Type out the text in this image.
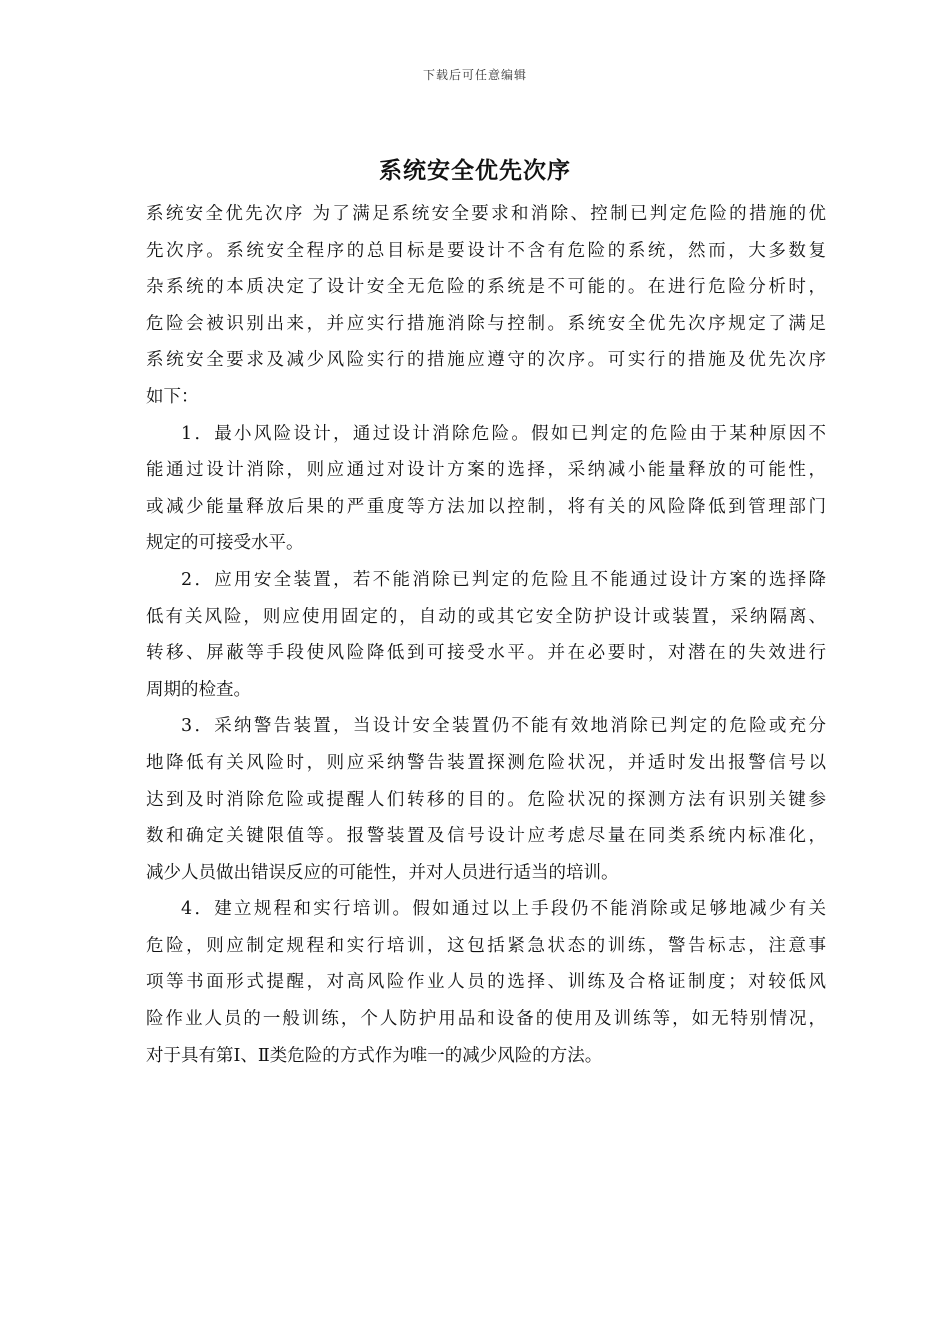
下载后可任意编辑
系统安全优先次序
系统安全优先次序 为了满足系统安全要求和消除、控制已判定危险的措施的优
先次序。系统安全程序的总目标是要设计不含有危险的系统，然而，大多数复
杂系统的本质决定了设计安全无危险的系统是不可能的。在进行危险分析时，
危险会被识别出来，并应实行措施消除与控制。系统安全优先次序规定了满足
系统安全要求及减少风险实行的措施应遵守的次序。可实行的措施及优先次序
如下：
1．最小风险设计，通过设计消除危险。假如已判定的危险由于某种原因不
能通过设计消除，则应通过对设计方案的选择，采纳减小能量释放的可能性，
或减少能量释放后果的严重度等方法加以控制，将有关的风险降低到管理部门
规定的可接受水平。
2．应用安全装置，若不能消除已判定的危险且不能通过设计方案的选择降
低有关风险，则应使用固定的，自动的或其它安全防护设计或装置，采纳隔离、
转移、屏蔽等手段使风险降低到可接受水平。并在必要时，对潜在的失效进行
周期的检查。
3．采纳警告装置，当设计安全装置仍不能有效地消除已判定的危险或充分
地降低有关风险时，则应采纳警告装置探测危险状况，并适时发出报警信号以
达到及时消除危险或提醒人们转移的目的。危险状况的探测方法有识别关键参
数和确定关键限值等。报警装置及信号设计应考虑尽量在同类系统内标准化，
减少人员做出错误反应的可能性，并对人员进行适当的培训。
4．建立规程和实行培训。假如通过以上手段仍不能消除或足够地减少有关
危险，则应制定规程和实行培训，这包括紧急状态的训练，警告标志，注意事
项等书面形式提醒，对高风险作业人员的选择、训练及合格证制度；对较低风
险作业人员的一般训练，个人防护用品和设备的使用及训练等，如无特别情况，
对于具有第Ⅰ、Ⅱ类危险的方式作为唯一的减少风险的方法。
